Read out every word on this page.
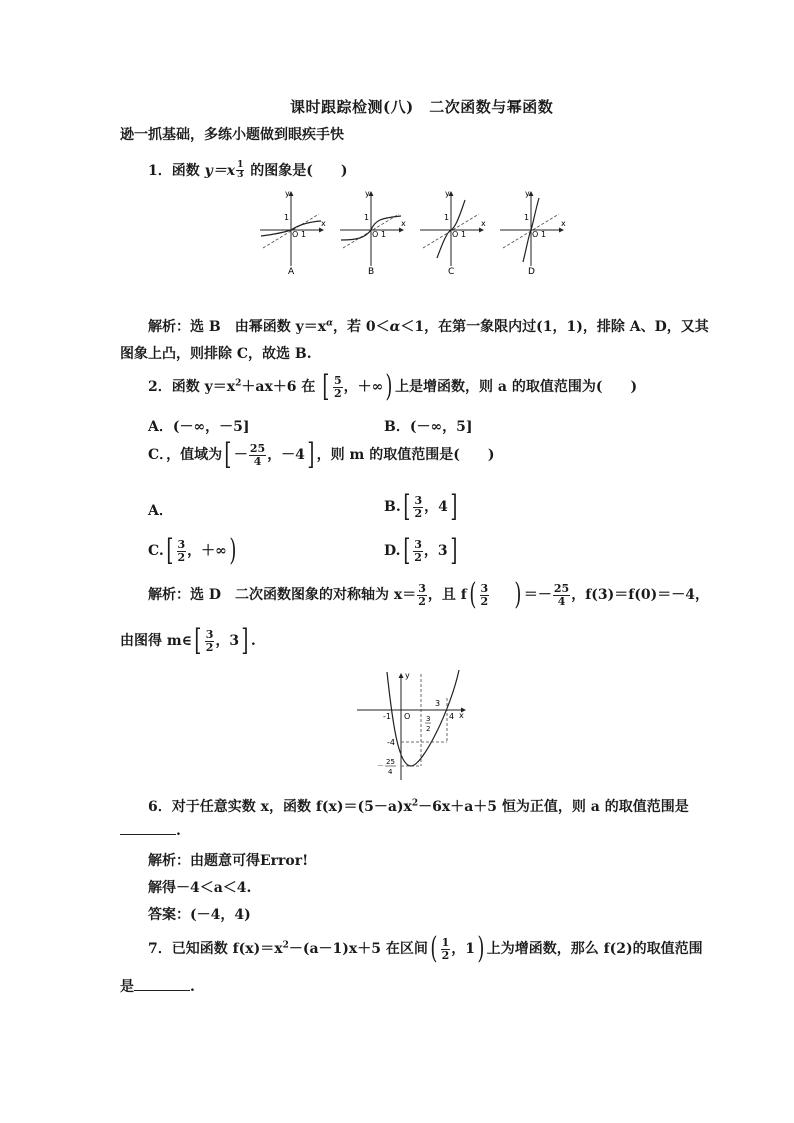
课时跟踪检测(八)　二次函数与幂函数
逊一抓基础，多练小题做到眼疾手快
1．函数 $y=x \frac{1}{3}$ 的图象是(　　)
y
1
O 1
x
A
y
1
O 1
x
B
y
1
O 1
x
C
y
1
O 1
x
D
解析：选 B　由幂函数 $y=x^\alpha$，若 0＜α＜1，在第一象限内过(1，1)，排除 A、D，又其
图象上凸，则排除 C，故选 B.
2．函数 $y=x^2+ax+6$ 在 [ $\frac{5}{2}$ ，＋∞) 上是增函数，则 a 的取值范围为(　　)
A．(－∞，－5]	B．(－∞，5]
C．，值域为[ － $\frac{25}{4}$ ，－4] ，则 m 的取值范围是(　　)
A．	$B.[ \frac{3}{2}$ ，4]
$C.[ \frac{3}{2}$ ，＋∞)	$D.[ \frac{3}{2}$ ，3]
解析：选 D　二次函数图象的对称轴为 $x= \frac{3}{2}$ ，且 $f( \frac{3}{2}$ ) ＝－ $\frac{25}{4}$ ，f(3)＝f(0)＝－4，
由图得 m∈[ $\frac{3}{2}$ ，3] .
y
x
O
-1	4
3
3
2
-4
－ 25
4
6．对于任意实数 x，函数 $f(x)=(5-a)x^2-6x+a+5$ 恒为正值，则 a 的取值范围是
.
解析：由题意可得Error!
解得－4＜a＜4.
答案：(－4，4)
7．已知函数 $f(x)=x^2-(a-1)x+5$ 在区间( $\frac{1}{2}$ ，1) 上为增函数，那么 f(2)的取值范围
是	.
